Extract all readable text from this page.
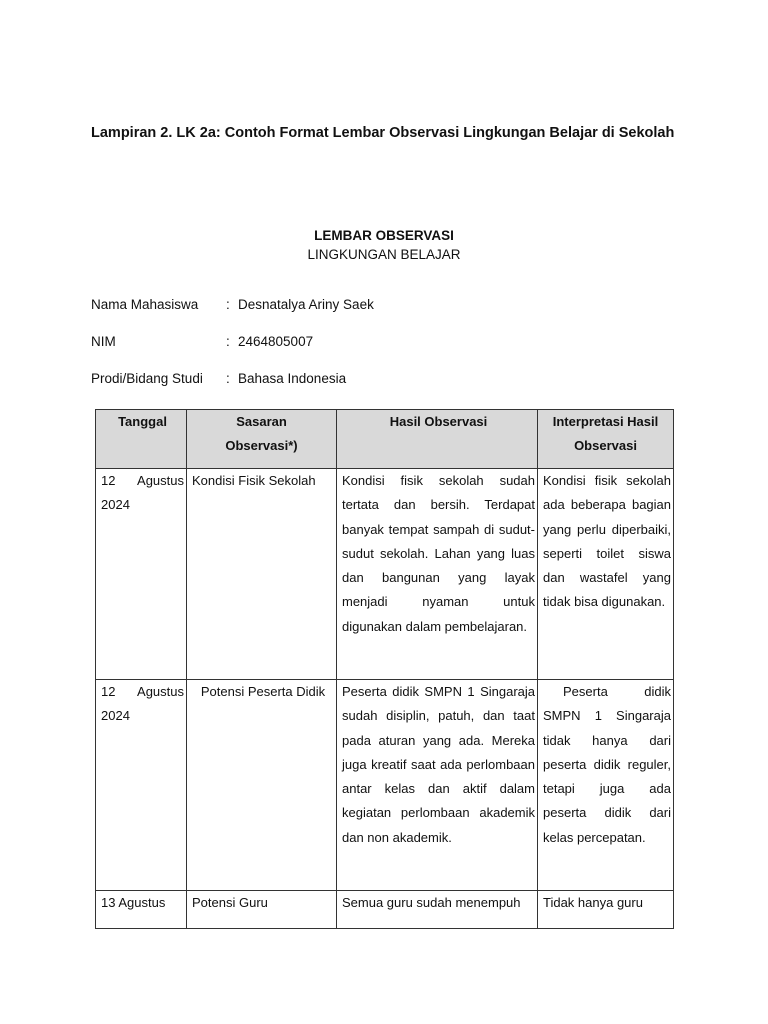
Lampiran 2. LK 2a: Contoh Format Lembar Observasi Lingkungan Belajar di Sekolah
LEMBAR OBSERVASI
LINGKUNGAN BELAJAR
Nama Mahasiswa	: Desnatalya Ariny Saek
NIM	: 2464805007
Prodi/Bidang Studi	: Bahasa Indonesia
Tanggal	Sasaran Observasi*)	Hasil Observasi	Interpretasi Hasil Observasi
12 Agustus 2024	Kondisi Fisik Sekolah	Kondisi fisik sekolah sudah tertata dan bersih. Terdapat banyak tempat sampah di sudut-sudut sekolah. Lahan yang luas dan bangunan yang layak menjadi nyaman untuk digunakan dalam pembelajaran.	Kondisi fisik sekolah ada beberapa bagian yang perlu diperbaiki, seperti toilet siswa dan wastafel yang tidak bisa digunakan.
12 Agustus 2024	Potensi Peserta Didik	Peserta didik SMPN 1 Singaraja sudah disiplin, patuh, dan taat pada aturan yang ada. Mereka juga kreatif saat ada perlombaan antar kelas dan aktif dalam kegiatan perlombaan akademik dan non akademik.	Peserta didik SMPN 1 Singaraja tidak hanya dari peserta didik reguler, tetapi juga ada peserta didik dari kelas percepatan.
13 Agustus	Potensi Guru	Semua guru sudah menempuh	Tidak hanya guru
